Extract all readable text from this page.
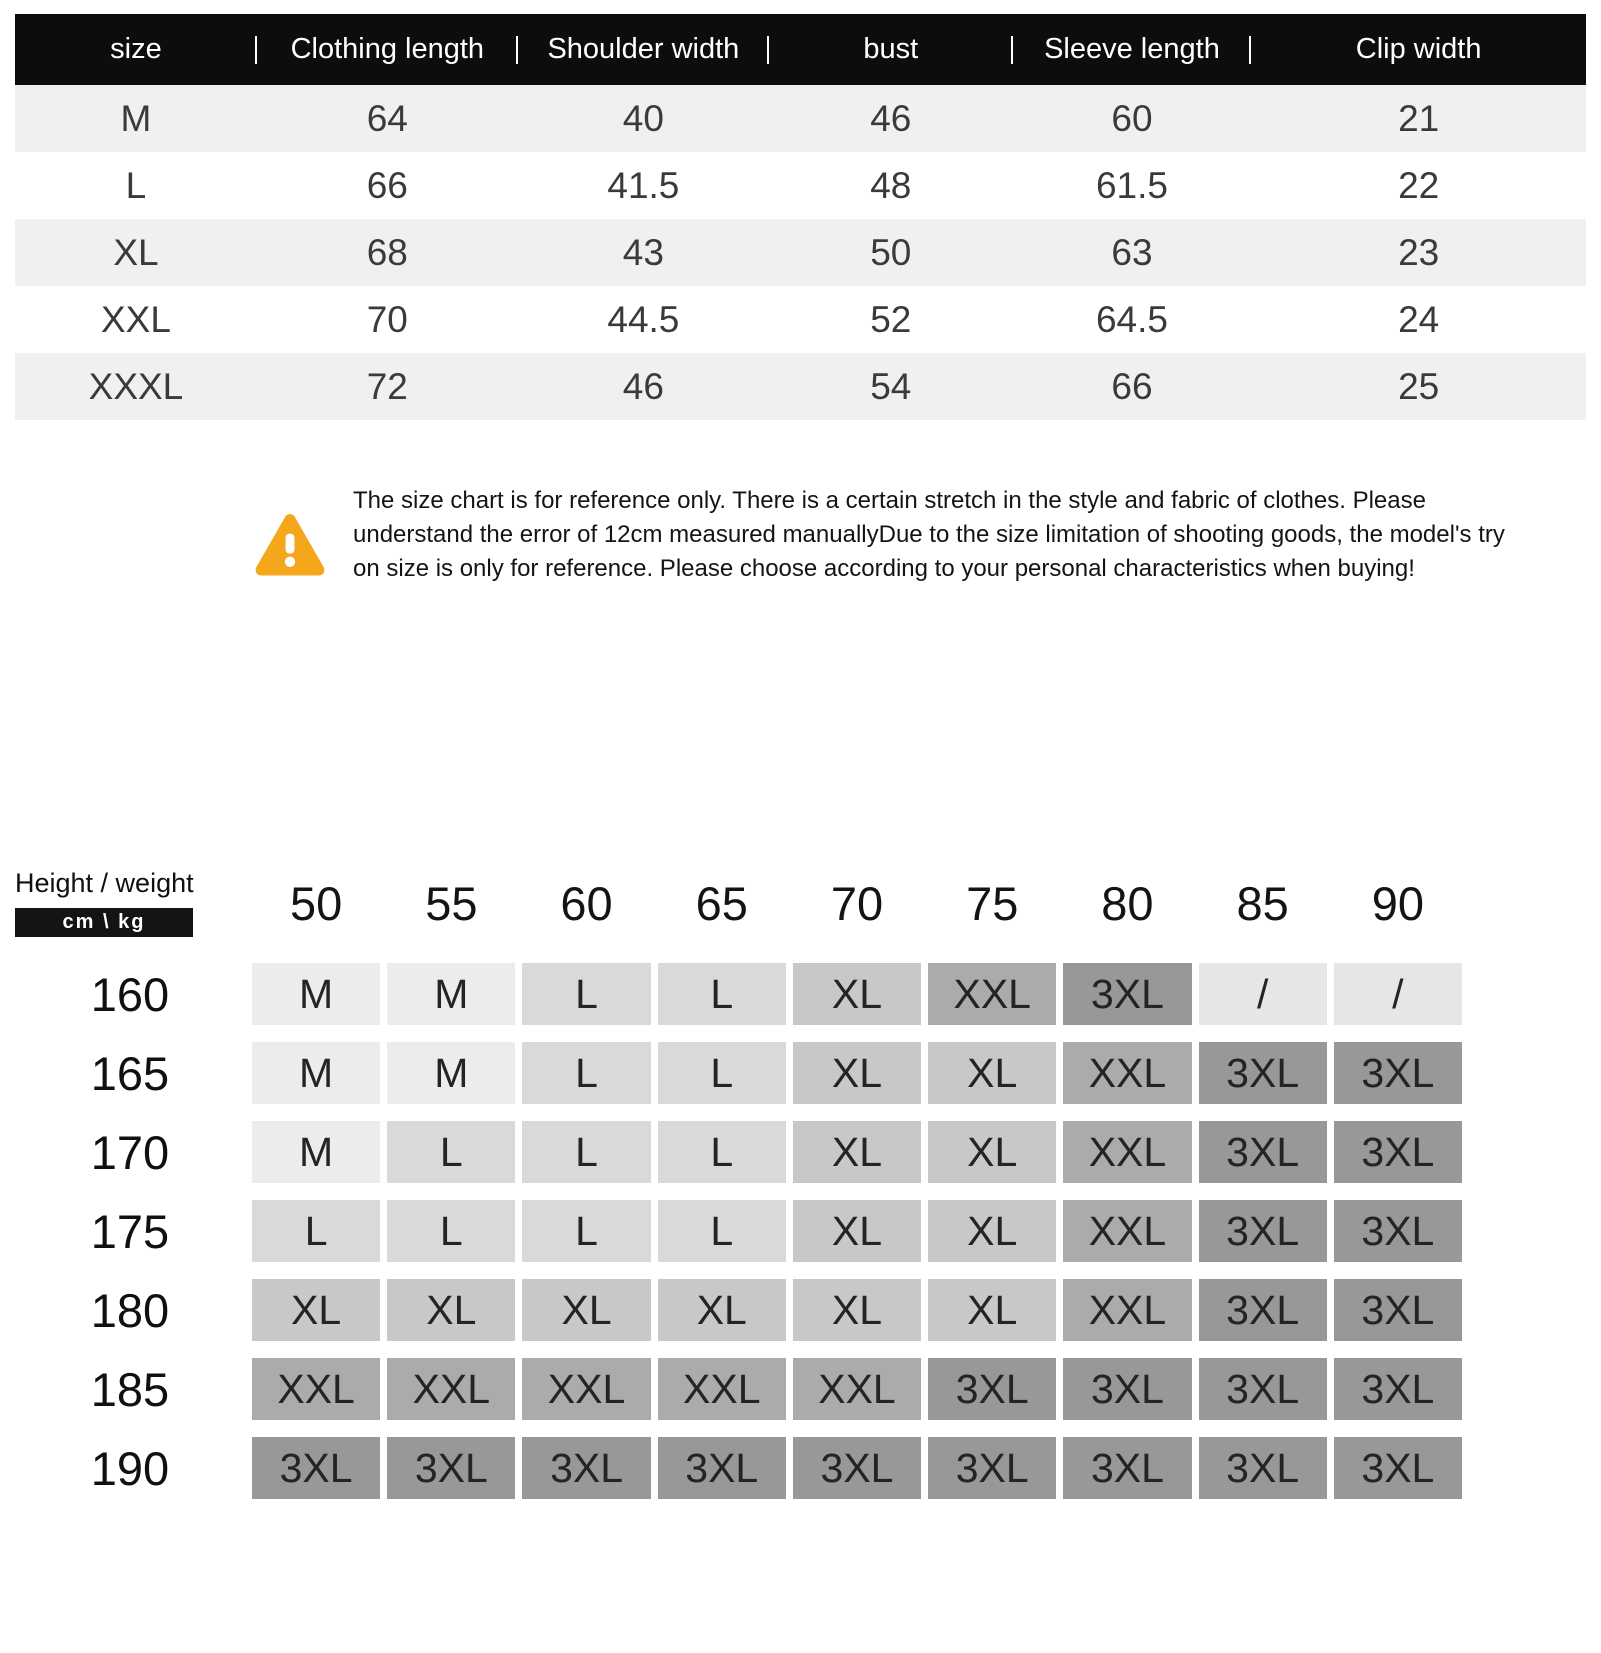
size	Clothing length	Shoulder width	bust	Sleeve length	Clip width
M	64	40	46	60	21
L	66	41.5	48	61.5	22
XL	68	43	50	63	23
XXL	70	44.5	52	64.5	24
XXXL	72	46	54	66	25
The size chart is for reference only. There is a certain stretch in the style and fabric of clothes. Please understand the error of 12cm measured manuallyDue to the size limitation of shooting goods, the model's try on size is only for reference. Please choose according to your personal characteristics when buying!
Height / weight
cm \ kg	50	55	60	65	70	75	80	85	90
160	M	M	L	L	XL	XXL	3XL	/	/
165	M	M	L	L	XL	XL	XXL	3XL	3XL
170	M	L	L	L	XL	XL	XXL	3XL	3XL
175	L	L	L	L	XL	XL	XXL	3XL	3XL
180	XL	XL	XL	XL	XL	XL	XXL	3XL	3XL
185	XXL	XXL	XXL	XXL	XXL	3XL	3XL	3XL	3XL
190	3XL	3XL	3XL	3XL	3XL	3XL	3XL	3XL	3XL
